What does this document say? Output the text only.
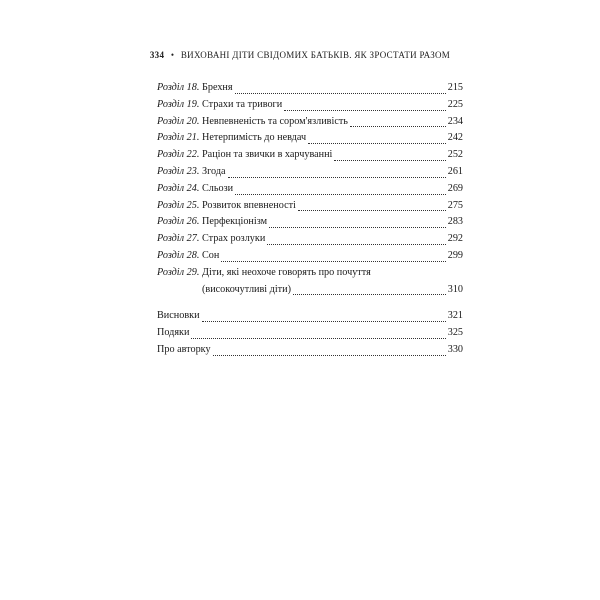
334 • ВИХОВАНІ ДІТИ СВІДОМИХ БАТЬКІВ. ЯК ЗРОСТАТИ РАЗОМ
Розділ 18. Брехня	215
Розділ 19. Страхи та тривоги	225
Розділ 20. Невпевненість та сором'язливість	234
Розділ 21. Нетерпимість до невдач	242
Розділ 22. Раціон та звички в харчуванні	252
Розділ 23. Згода	261
Розділ 24. Сльози	269
Розділ 25. Розвиток впевненості	275
Розділ 26. Перфекціонізм	283
Розділ 27. Страх розлуки	292
Розділ 28. Сон	299
Розділ 29. Діти, які неохоче говорять про почуття
(високочутливі діти)	310
Висновки	321
Подяки	325
Про авторку	330
